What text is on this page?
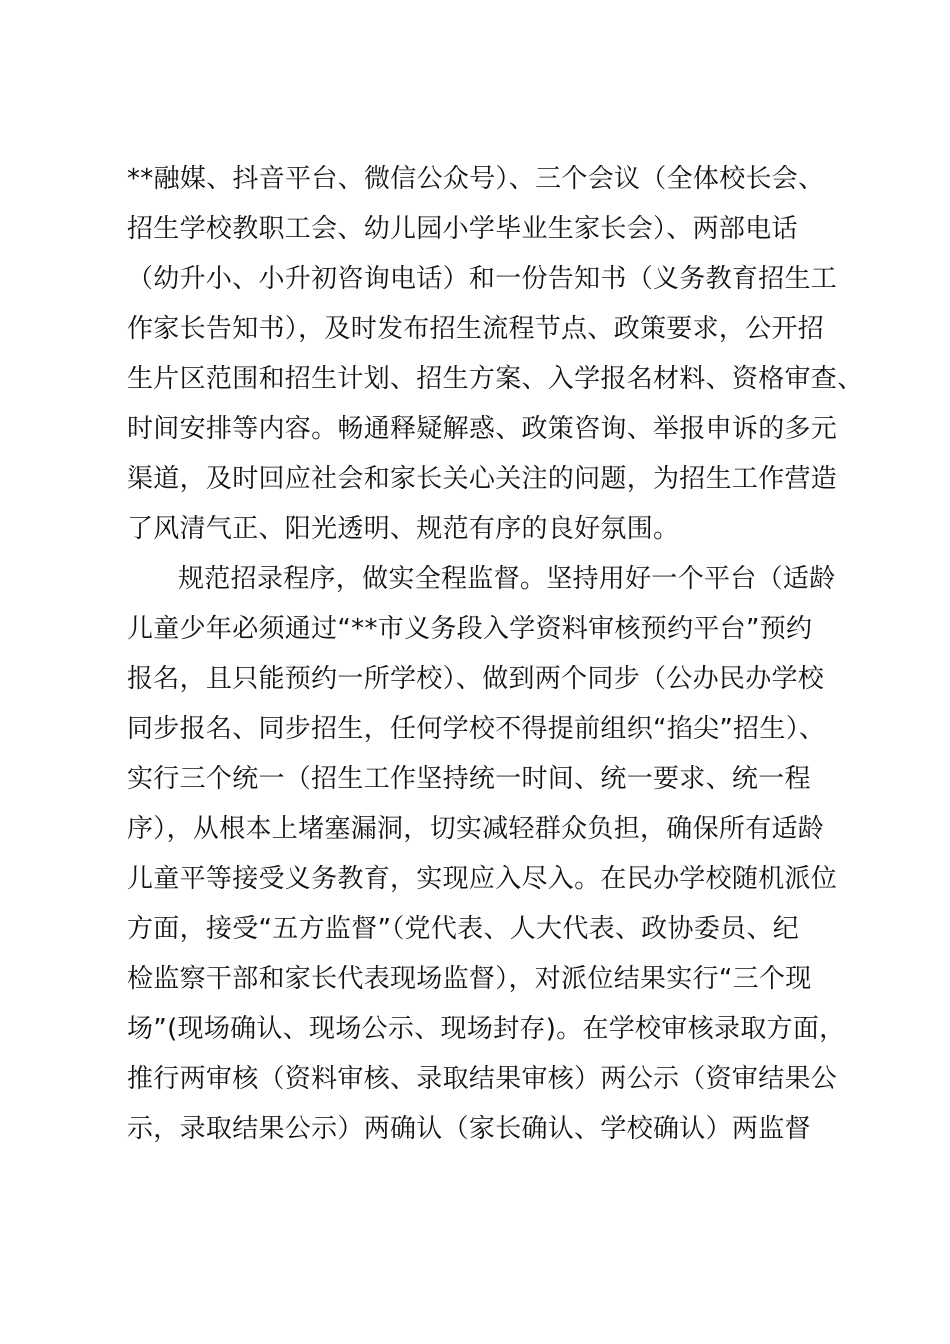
**融媒、抖音平台、微信公众号）、三个会议（全体校长会、
招生学校教职工会、幼儿园小学毕业生家长会）、两部电话
（幼升小、小升初咨询电话）和一份告知书（义务教育招生工
作家长告知书），及时发布招生流程节点、政策要求，公开招
生片区范围和招生计划、招生方案、入学报名材料、资格审查、
时间安排等内容。畅通释疑解惑、政策咨询、举报申诉的多元
渠道，及时回应社会和家长关心关注的问题，为招生工作营造
了风清气正、阳光透明、规范有序的良好氛围。
规范招录程序，做实全程监督。坚持用好一个平台（适龄
儿童少年必须通过“**市义务段入学资料审核预约平台”预约
报名，且只能预约一所学校）、做到两个同步（公办民办学校
同步报名、同步招生，任何学校不得提前组织“掐尖”招生）、
实行三个统一（招生工作坚持统一时间、统一要求、统一程
序），从根本上堵塞漏洞，切实减轻群众负担，确保所有适龄
儿童平等接受义务教育，实现应入尽入。在民办学校随机派位
方面，接受“五方监督”（党代表、人大代表、政协委员、纪
检监察干部和家长代表现场监督），对派位结果实行“三个现
场”(现场确认、现场公示、现场封存)。在学校审核录取方面，
推行两审核（资料审核、录取结果审核）两公示（资审结果公
示，录取结果公示）两确认（家长确认、学校确认）两监督
